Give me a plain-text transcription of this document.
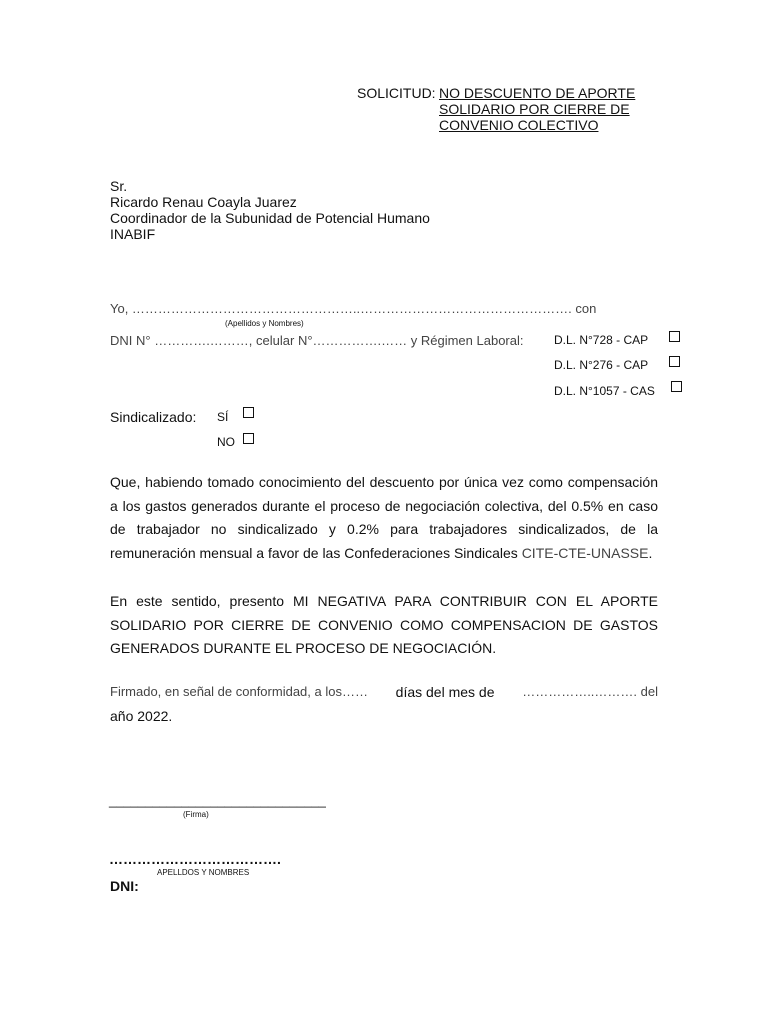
SOLICITUD: NO DESCUENTO DE APORTE
SOLIDARIO POR CIERRE DE
CONVENIO COLECTIVO
Sr.
Ricardo Renau Coayla Juarez
Coordinador de la Subunidad de Potencial Humano
INABIF
Yo, ……………………………………………..…………………………………………. con
(Apellidos y Nombres)
DNI N° ………….………, celular N°…………….…… y Régimen Laboral:	D.L. N°728 - CAP
D.L. N°276 - CAP
D.L. N°1057 - CAS
Sindicalizado: SÍ
NO
Que, habiendo tomado conocimiento del descuento por única vez como compensación a los gastos generados durante el proceso de negociación colectiva, del 0.5% en caso de trabajador no sindicalizado y 0.2% para trabajadores sindicalizados, de la remuneración mensual a favor de las Confederaciones Sindicales CITE-CTE-UNASSE.
En este sentido, presento MI NEGATIVA PARA CONTRIBUIR CON EL APORTE SOLIDARIO POR CIERRE DE CONVENIO COMO COMPENSACION DE GASTOS GENERADOS DURANTE EL PROCESO DE NEGOCIACIÓN.
Firmado, en señal de conformidad, a los…… días del mes de ……………..………. del
año 2022.
______________________________
(Firma)
……………………………….
APELLDOS Y NOMBRES
DNI:
